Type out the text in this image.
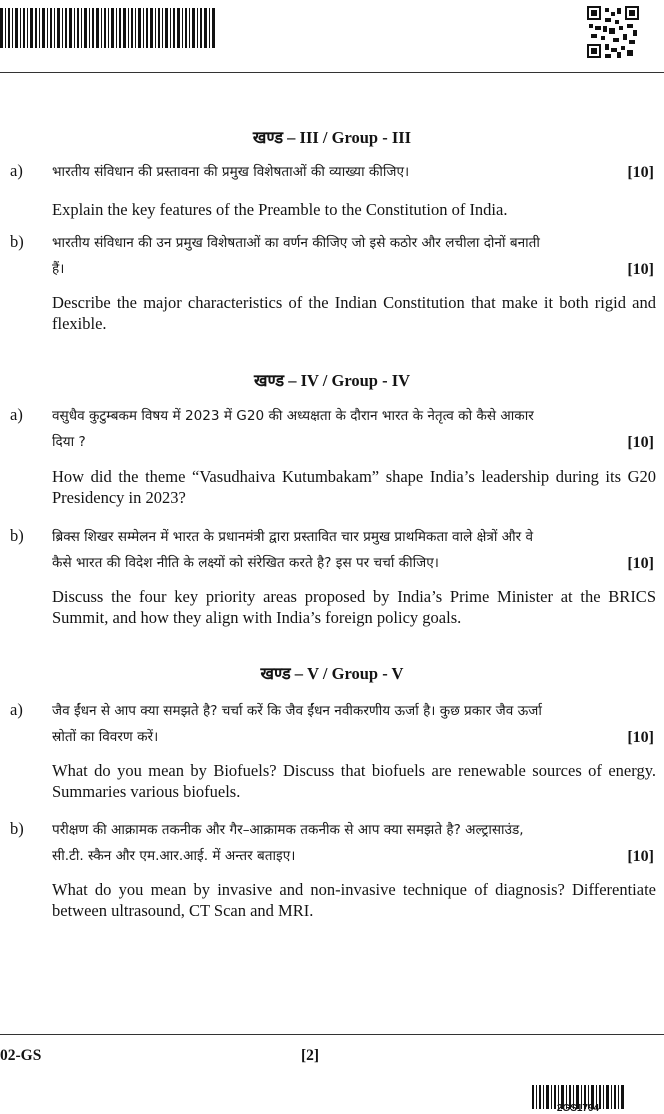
खण्ड – III / Group - III
a) भारतीय संविधान की प्रस्तावना की प्रमुख विशेषताओं की व्याख्या कीजिए।	[10]
Explain the key features of the Preamble to the Constitution of India.
b) भारतीय संविधान की उन प्रमुख विशेषताओं का वर्णन कीजिए जो इसे कठोर और लचीला दोनों बनाती
हैं।	[10]
Describe the major characteristics of the Indian Constitution that make it both rigid and flexible.
खण्ड – IV / Group - IV
a) वसुधैव कुटुम्बकम विषय में 2023 में G20 की अध्यक्षता के दौरान भारत के नेतृत्व को कैसे आकार
दिया ?	[10]
How did the theme “Vasudhaiva Kutumbakam” shape India’s leadership during its G20 Presidency in 2023?
b) ब्रिक्स शिखर सम्मेलन में भारत के प्रधानमंत्री द्वारा प्रस्तावित चार प्रमुख प्राथमिकता वाले क्षेत्रों और वे
कैसे भारत की विदेश नीति के लक्ष्यों को संरेखित करते है? इस पर चर्चा कीजिए।	[10]
Discuss the four key priority areas proposed by India’s Prime Minister at the BRICS Summit, and how they align with India’s foreign policy goals.
खण्ड – V / Group - V
a) जैव ईंधन से आप क्या समझते है? चर्चा करें कि जैव ईंधन नवीकरणीय ऊर्जा है। कुछ प्रकार जैव ऊर्जा
स्रोतों का विवरण करें।	[10]
What do you mean by Biofuels? Discuss that biofuels are renewable sources of energy. Summaries various biofuels.
b) परीक्षण की आक्रामक तकनीक और गैर–आक्रामक तकनीक से आप क्या समझते है? अल्ट्रासाउंड,
सी.टी. स्कैन और एम.आर.आई. में अन्तर बताइए।	[10]
What do you mean by invasive and non-invasive technique of diagnosis? Differentiate between ultrasound, CT Scan and MRI.
02-GS	[2]
2GS1794
